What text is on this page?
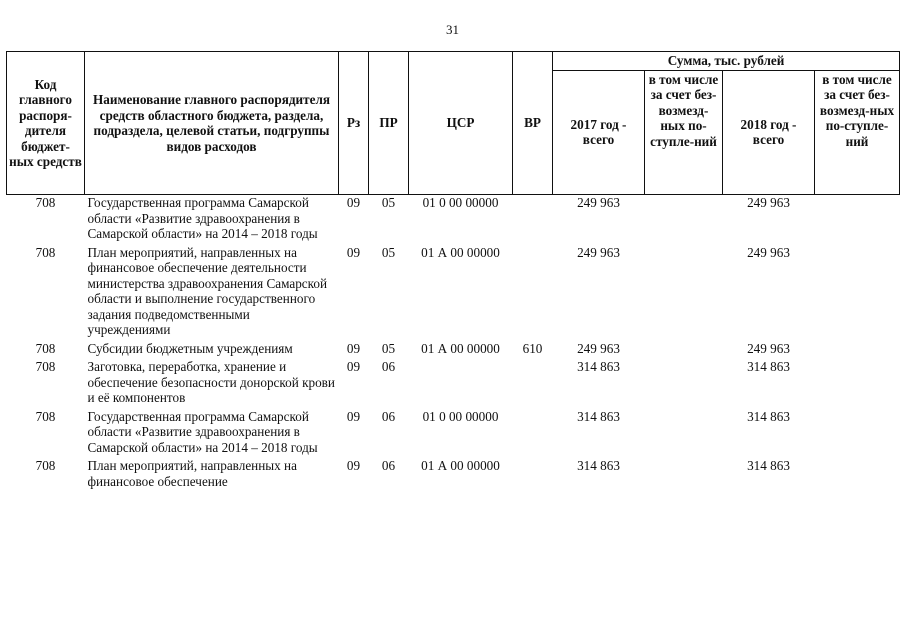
31
Код главного распоря-дителя бюджет-ных средств	Наименование главного распорядителя средств областного бюджета, раздела, подраздела, целевой статьи, подгруппы видов расходов	Рз	ПР	ЦСР	ВР	Сумма, тыс. рублей			
						2017 год - всего	в том числе за счет без-возмезд-ных по-ступле-ний	2018 год - всего	в том числе за счет без-возмезд-ных по-ступле-ний
708	Государственная программа Самарской области «Развитие здравоохранения в Самарской области» на 2014 – 2018 годы	09	05	01 0 00 00000		249 963		249 963	
708	План мероприятий, направленных на финансовое обеспечение деятельности министерства здравоохранения Самарской области и выполнение государственного задания подведомственными учреждениями	09	05	01 А 00 00000		249 963		249 963	
708	Субсидии бюджетным учреждениям	09	05	01 А 00 00000	610	249 963		249 963	
708	Заготовка, переработка, хранение и обеспечение безопасности донорской крови и её компонентов	09	06			314 863		314 863	
708	Государственная программа Самарской области «Развитие здравоохранения в Самарской области» на 2014 – 2018 годы	09	06	01 0 00 00000		314 863		314 863	
708	План мероприятий, направленных на финансовое обеспечение	09	06	01 А 00 00000		314 863		314 863	
